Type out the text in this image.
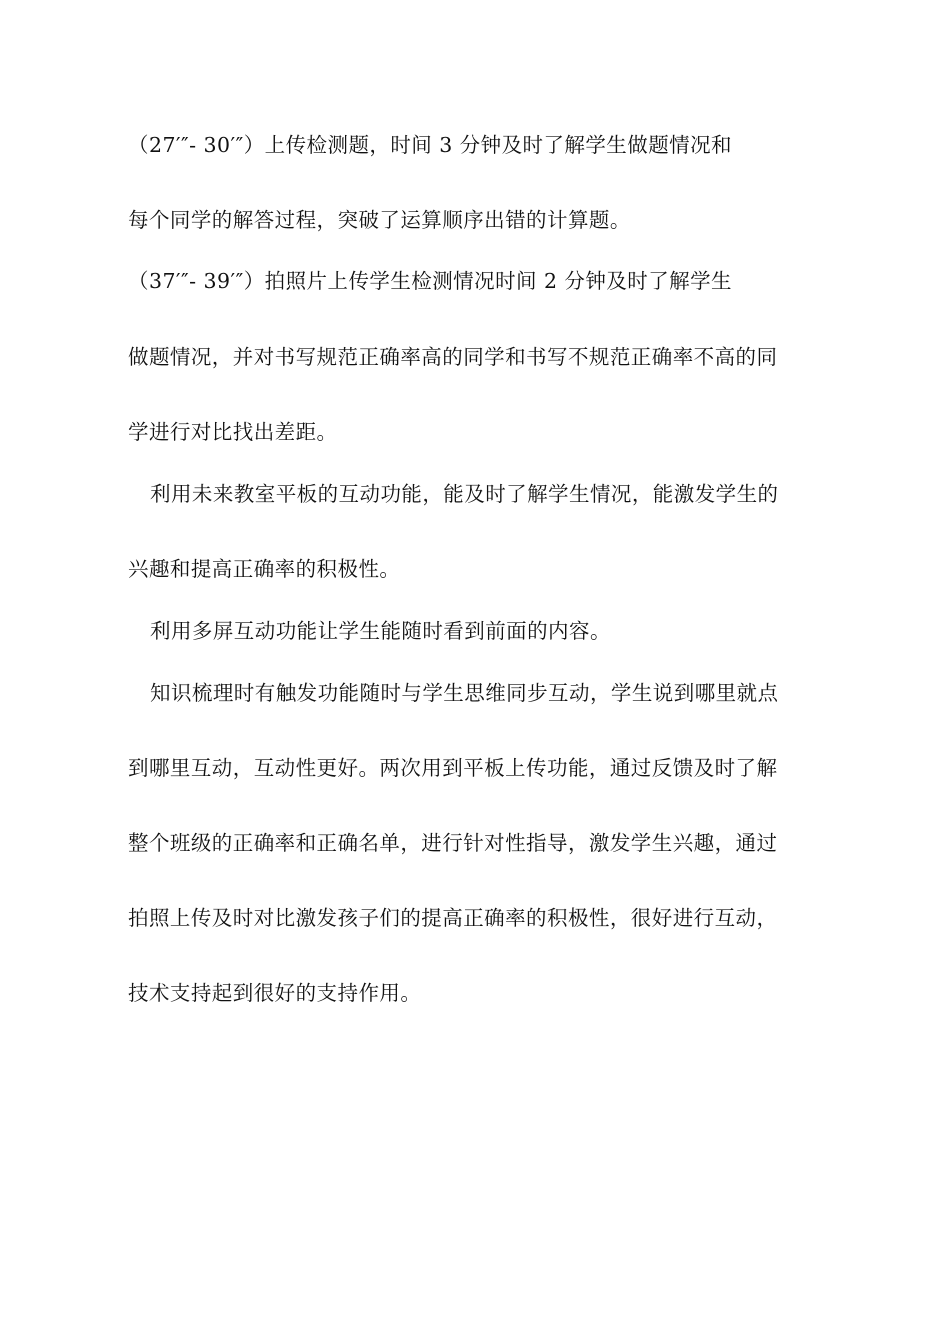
（27′″- 30′″）上传检测题，时间 3 分钟及时了解学生做题情况和
每个同学的解答过程，突破了运算顺序出错的计算题。
（37′″- 39′″）拍照片上传学生检测情况时间 2 分钟及时了解学生
做题情况，并对书写规范正确率高的同学和书写不规范正确率不高的同
学进行对比找出差距。
利用未来教室平板的互动功能，能及时了解学生情况，能激发学生的
兴趣和提高正确率的积极性。
利用多屏互动功能让学生能随时看到前面的内容。
知识梳理时有触发功能随时与学生思维同步互动，学生说到哪里就点
到哪里互动，互动性更好。两次用到平板上传功能，通过反馈及时了解
整个班级的正确率和正确名单，进行针对性指导，激发学生兴趣，通过
拍照上传及时对比激发孩子们的提高正确率的积极性，很好进行互动，
技术支持起到很好的支持作用。
